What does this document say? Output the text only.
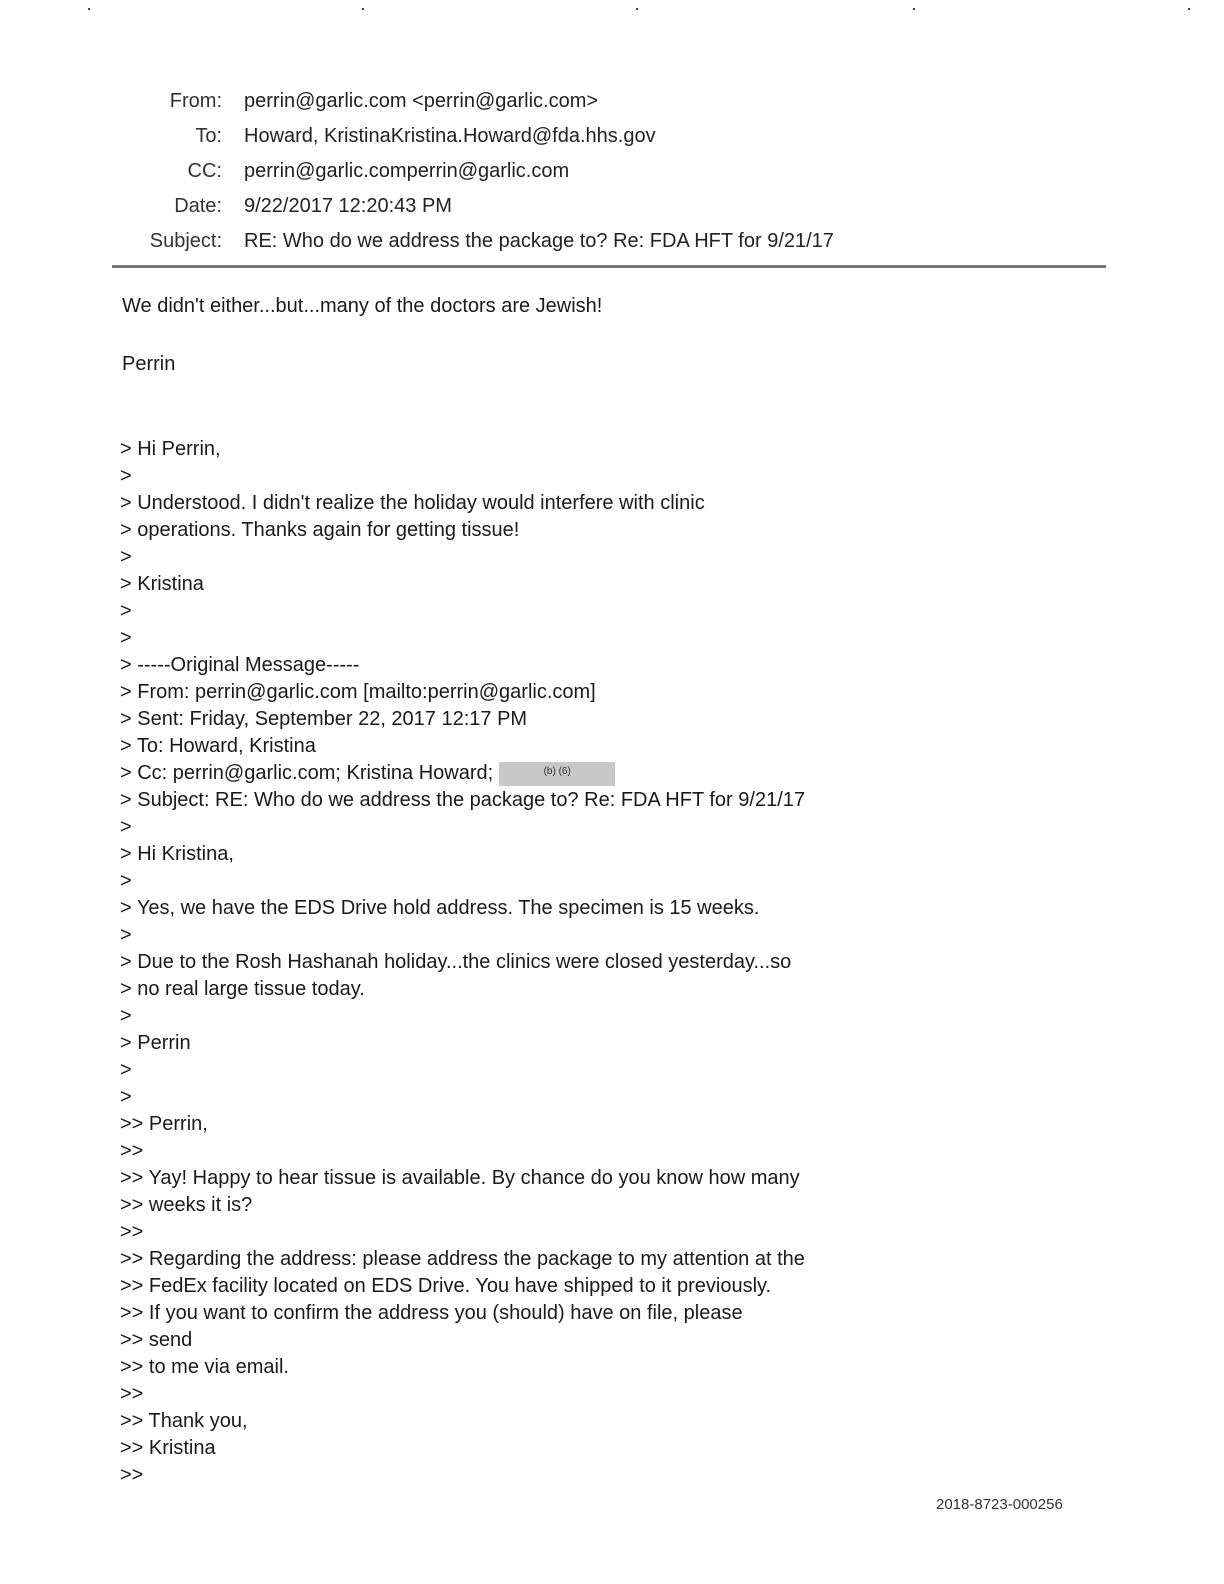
From: perrin@garlic.com <perrin@garlic.com>
To: Howard, KristinaKristina.Howard@fda.hhs.gov
CC: perrin@garlic.comperrin@garlic.com
Date: 9/22/2017 12:20:43 PM
Subject: RE: Who do we address the package to? Re: FDA HFT for 9/21/17
We didn't either...but...many of the doctors are Jewish!
Perrin
> Hi Perrin,
>
> Understood. I didn't realize the holiday would interfere with clinic
> operations. Thanks again for getting tissue!
>
> Kristina
>
>
> -----Original Message-----
> From: perrin@garlic.com [mailto:perrin@garlic.com]
> Sent: Friday, September 22, 2017 12:17 PM
> To: Howard, Kristina
> Cc: perrin@garlic.com; Kristina Howard;	(b) (6)
> Subject: RE: Who do we address the package to? Re: FDA HFT for 9/21/17
>
> Hi Kristina,
>
> Yes, we have the EDS Drive hold address. The specimen is 15 weeks.
>
> Due to the Rosh Hashanah holiday...the clinics were closed yesterday...so
> no real large tissue today.
>
> Perrin
>
>
>> Perrin,
>>
>> Yay! Happy to hear tissue is available. By chance do you know how many
>> weeks it is?
>>
>> Regarding the address: please address the package to my attention at the
>> FedEx facility located on EDS Drive. You have shipped to it previously.
>> If you want to confirm the address you (should) have on file, please
>> send
>> to me via email.
>>
>> Thank you,
>> Kristina
>>
2018-8723-000256
